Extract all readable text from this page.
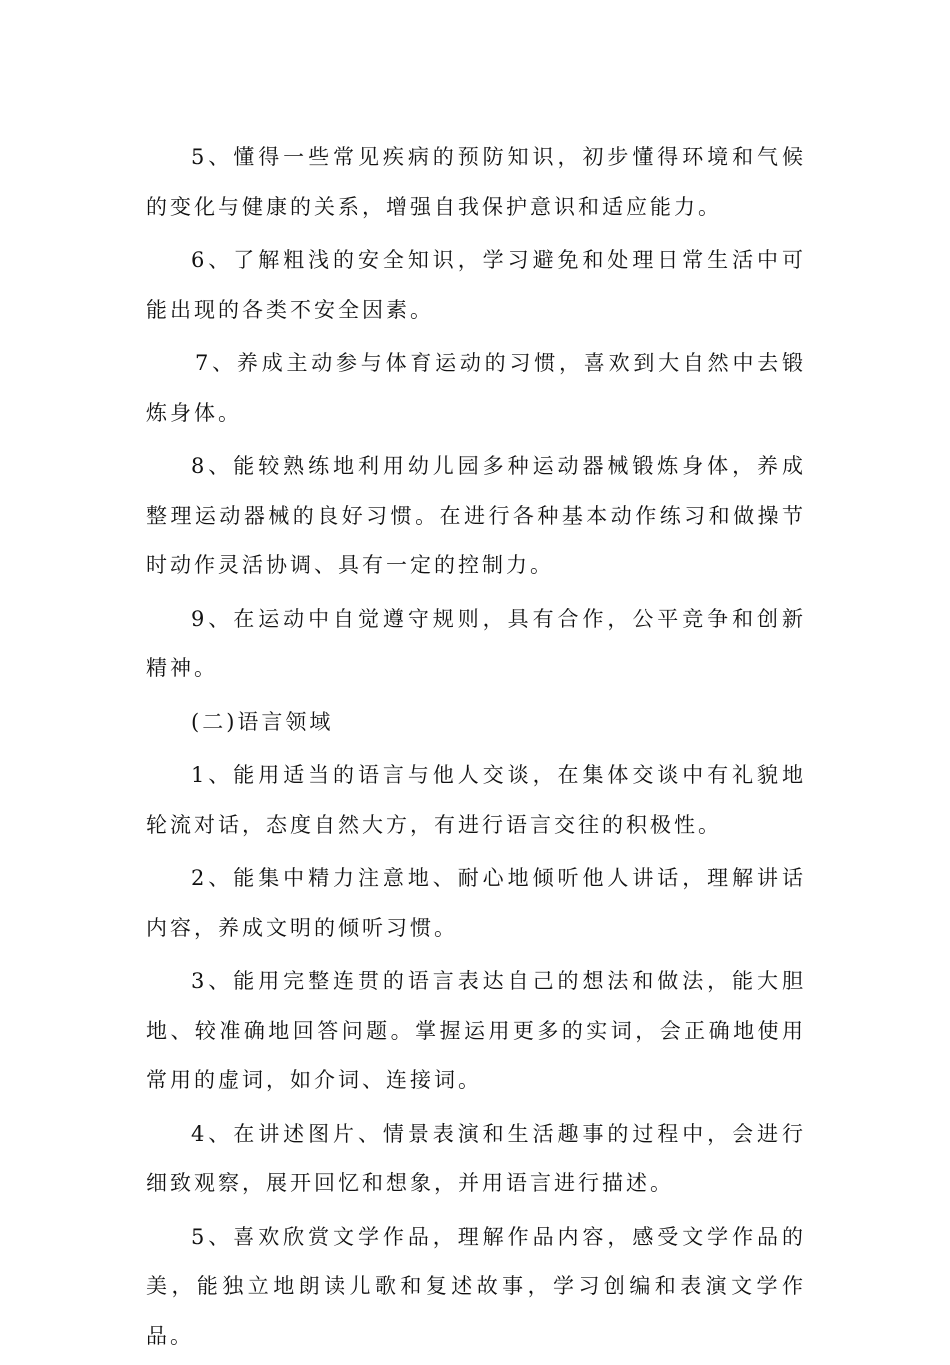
5、懂得一些常见疾病的预防知识，初步懂得环境和气候的变化与健康的关系，增强自我保护意识和适应能力。

6、了解粗浅的安全知识，学习避免和处理日常生活中可能出现的各类不安全因素。

7、养成主动参与体育运动的习惯，喜欢到大自然中去锻炼身体。

8、能较熟练地利用幼儿园多种运动器械锻炼身体，养成整理运动器械的良好习惯。在进行各种基本动作练习和做操节时动作灵活协调、具有一定的控制力。

9、在运动中自觉遵守规则，具有合作，公平竞争和创新精神。

(二)语言领域

1、能用适当的语言与他人交谈，在集体交谈中有礼貌地轮流对话，态度自然大方，有进行语言交往的积极性。

2、能集中精力注意地、耐心地倾听他人讲话，理解讲话内容，养成文明的倾听习惯。

3、能用完整连贯的语言表达自己的想法和做法，能大胆地、较准确地回答问题。掌握运用更多的实词，会正确地使用常用的虚词，如介词、连接词。

4、在讲述图片、情景表演和生活趣事的过程中，会进行细致观察，展开回忆和想象，并用语言进行描述。

5、喜欢欣赏文学作品，理解作品内容，感受文学作品的美，能独立地朗读儿歌和复述故事，学习创编和表演文学作品。
